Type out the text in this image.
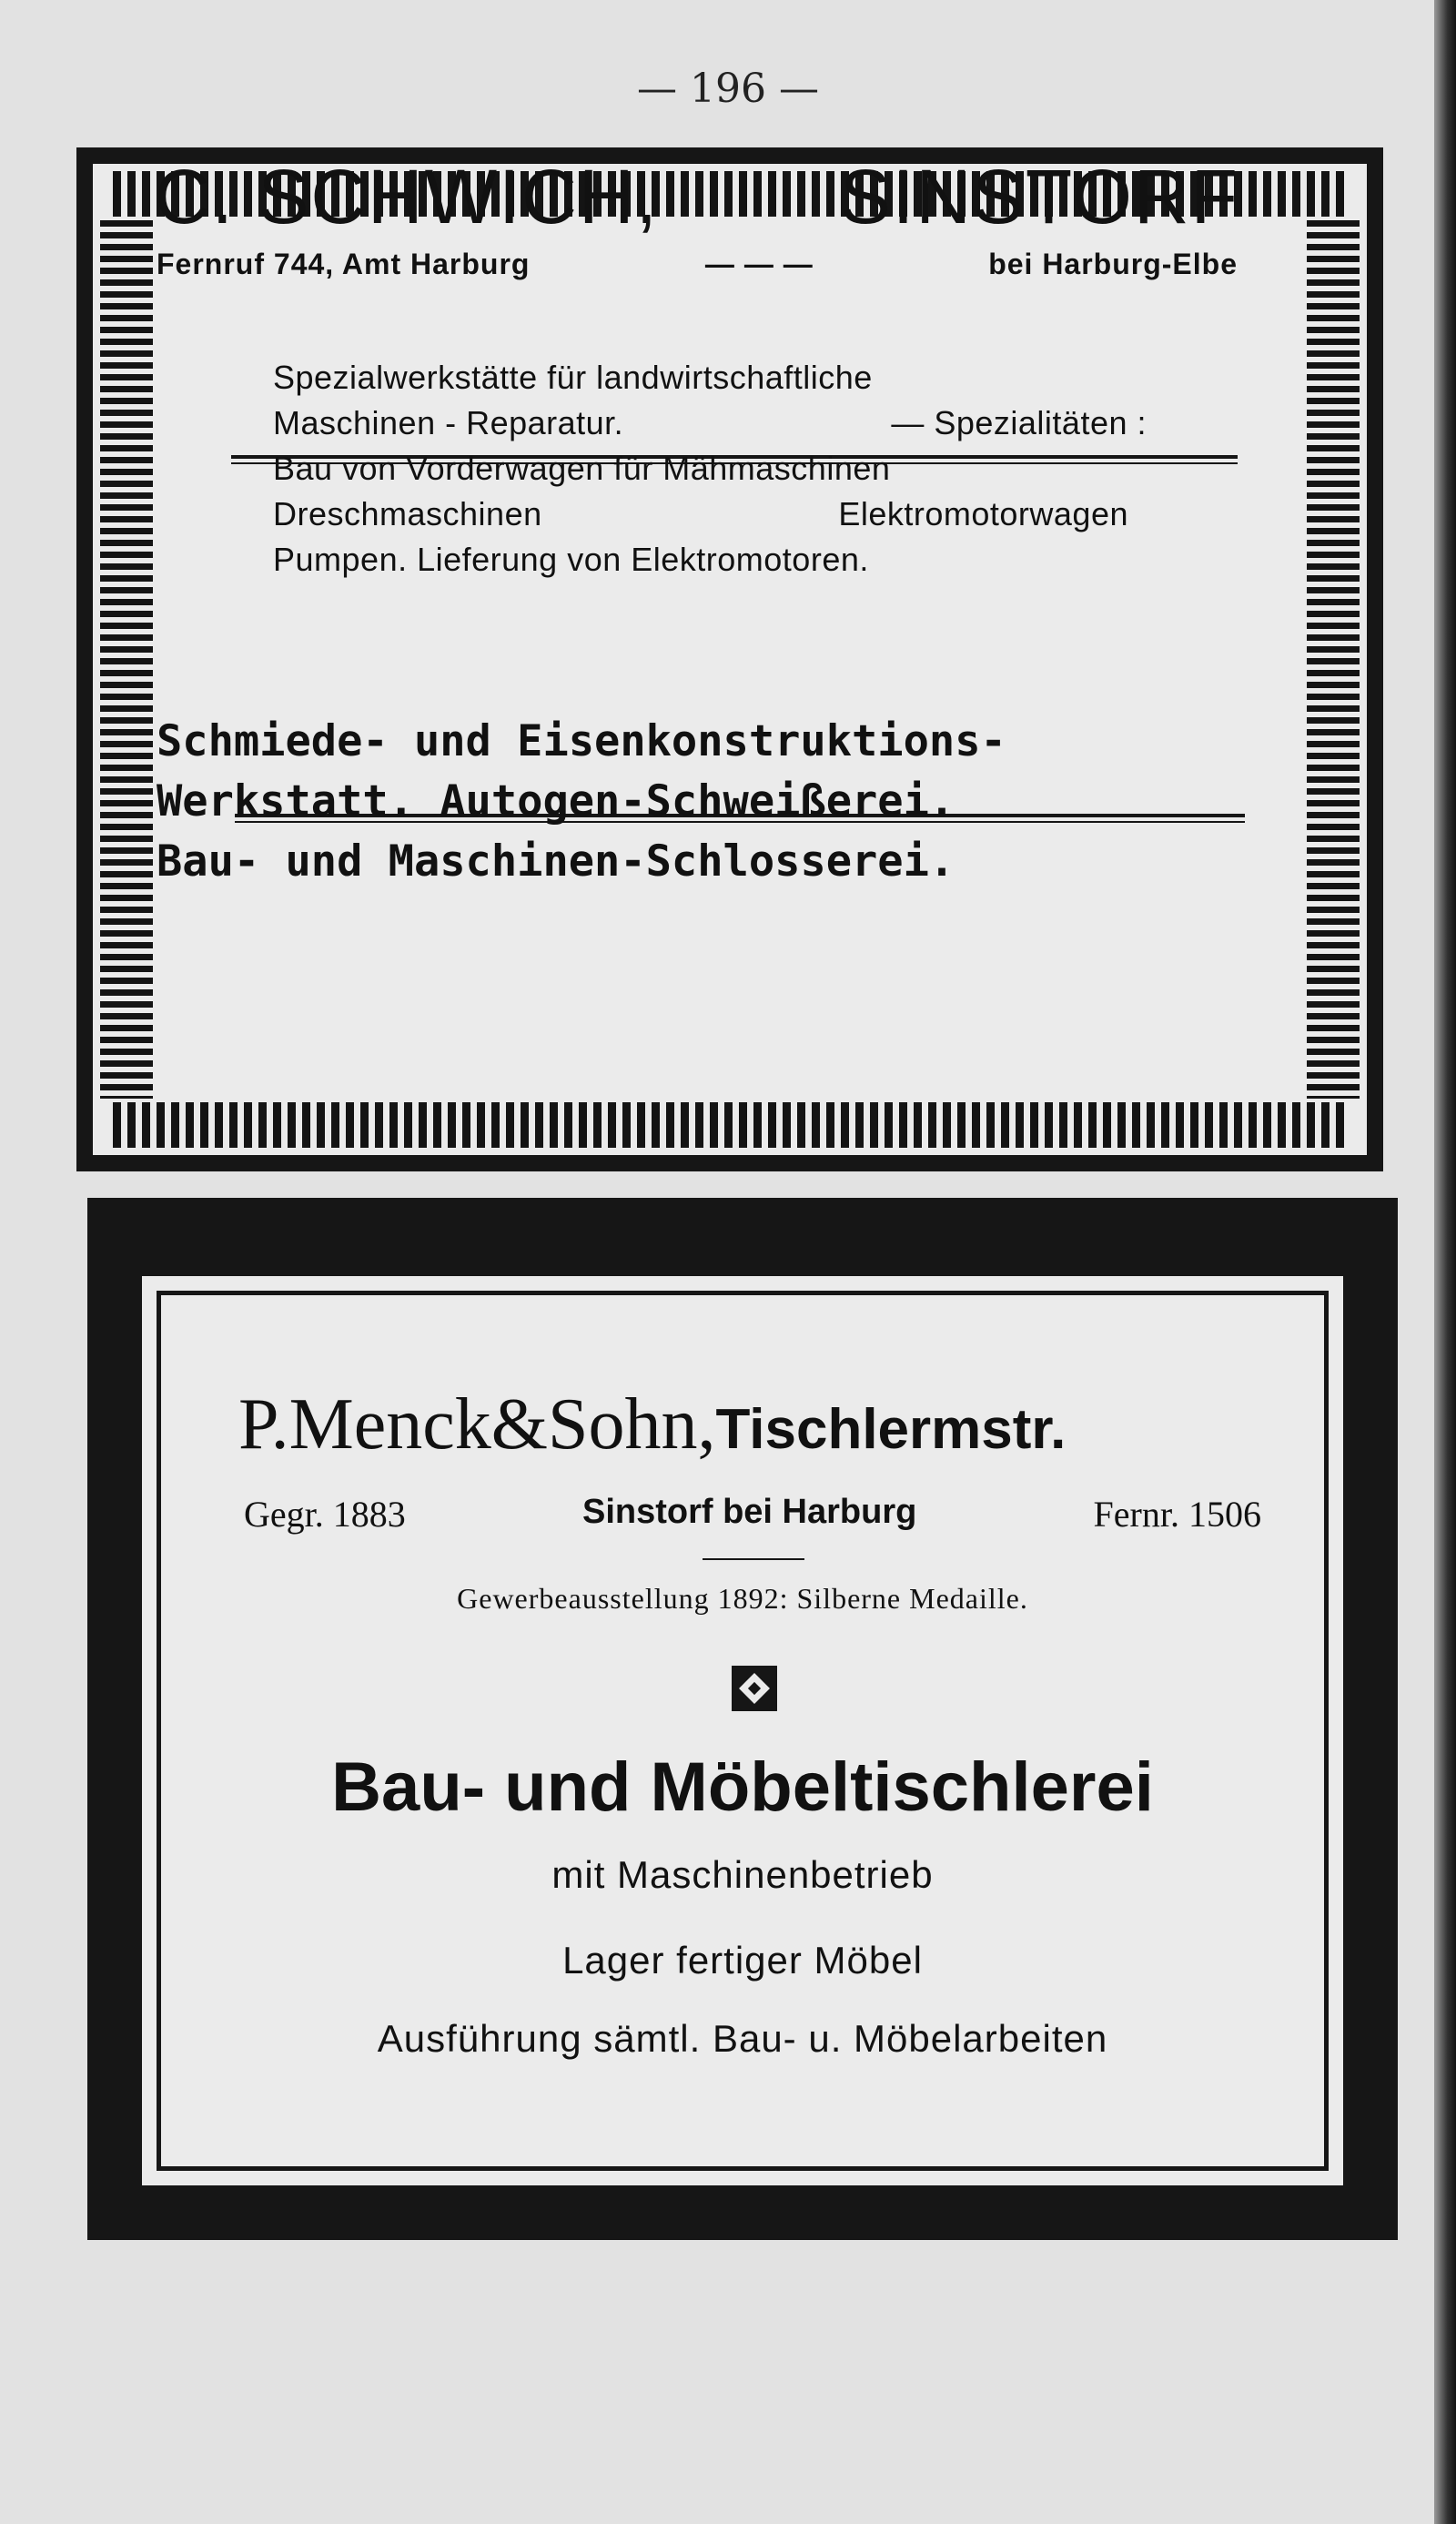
— 196 —
C. SCHWICH, SINSTORF
Fernruf 744, Amt Harburg	— — —	bei Harburg-Elbe
Spezialwerkstätte für landwirtschaftliche
Maschinen - Reparatur.	— Spezialitäten :
Bau von Vorderwagen für Mähmaschinen
Dreschmaschinen	Elektromotorwagen
Pumpen. Lieferung von Elektromotoren.
Schmiede- und Eisenkonstruktions-
Werkstatt. Autogen-Schweißerei.
Bau- und Maschinen-Schlosserei.
P.Menck&Sohn,Tischlermstr.
Gegr. 1883	Sinstorf bei Harburg	Fernr. 1506
Gewerbeausstellung 1892: Silberne Medaille.
Bau- und Möbeltischlerei
mit Maschinenbetrieb
Lager fertiger Möbel
Ausführung sämtl. Bau- u. Möbelarbeiten
